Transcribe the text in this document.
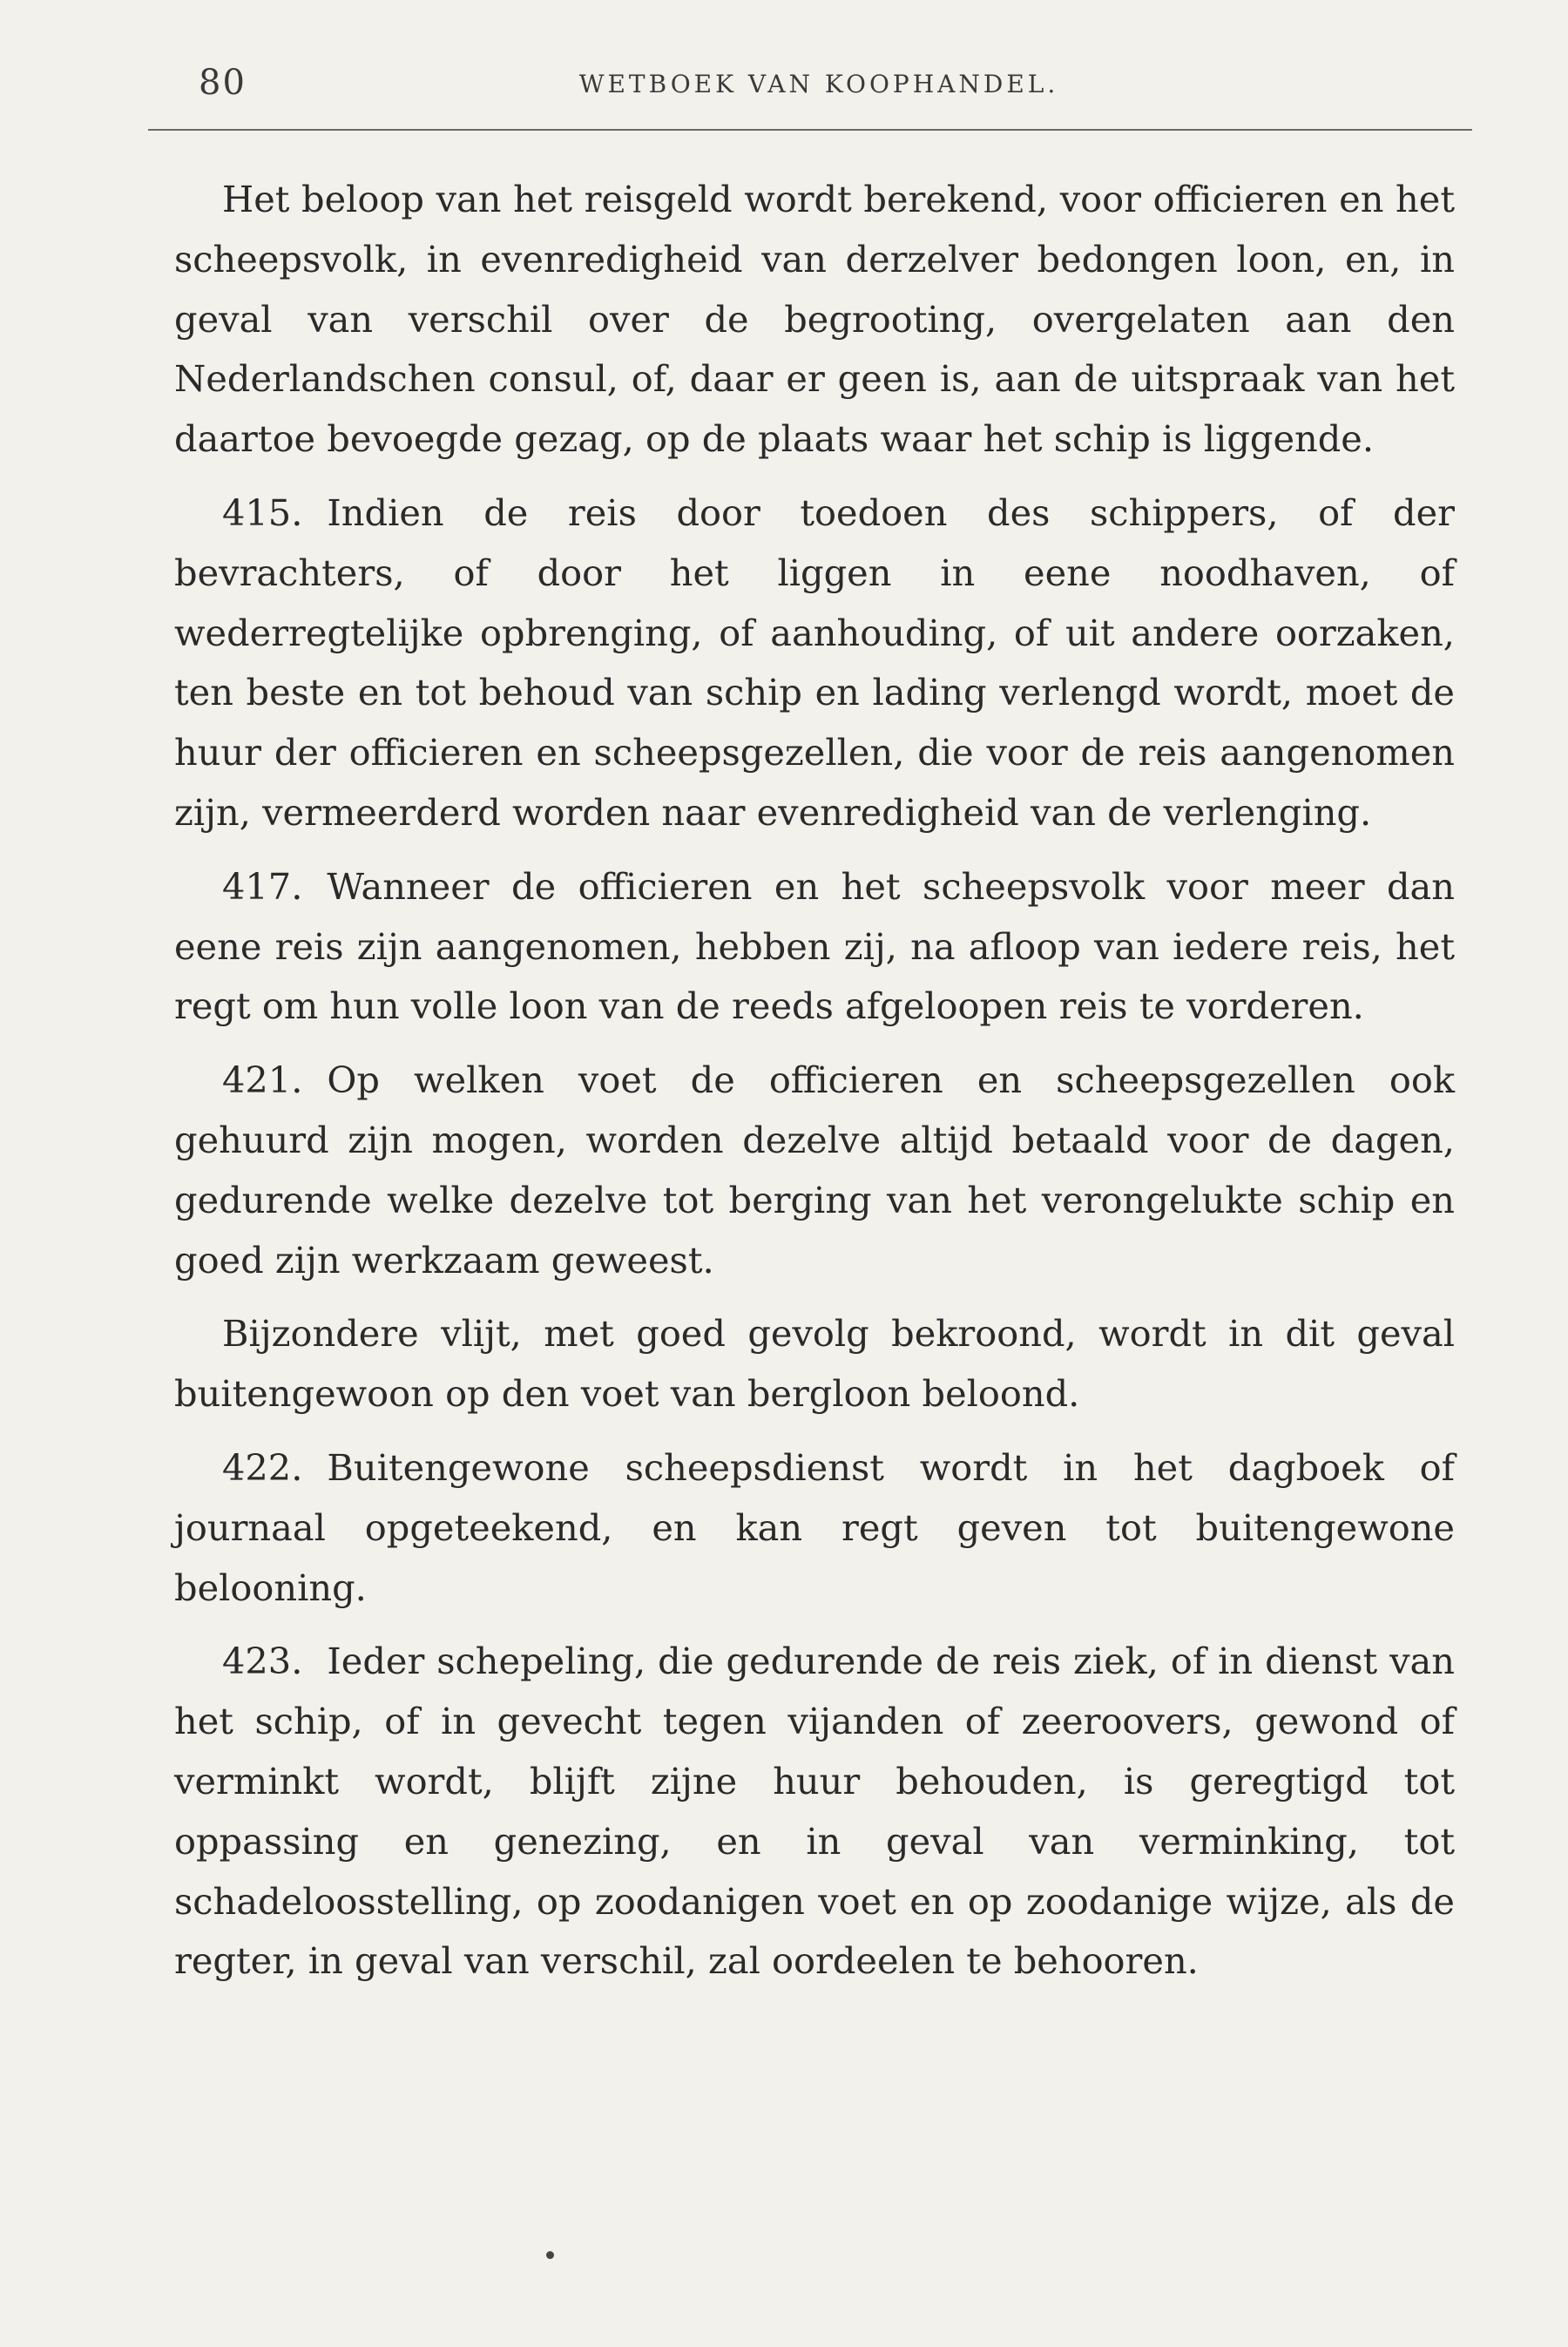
80	WETBOEK VAN KOOPHANDEL.

Het beloop van het reisgeld wordt berekend, voor officieren en het scheepsvolk, in evenredigheid van derzelver bedongen loon, en, in geval van verschil over de begrooting, overgelaten aan den Nederlandschen consul, of, daar er geen is, aan de uitspraak van het daartoe bevoegde gezag, op de plaats waar het schip is liggende.

415. Indien de reis door toedoen des schippers, of der bevrachters, of door het liggen in eene noodhaven, of wederregtelijke opbrenging, of aanhouding, of uit andere oorzaken, ten beste en tot behoud van schip en lading verlengd wordt, moet de huur der officieren en scheepsgezellen, die voor de reis aangenomen zijn, vermeerderd worden naar evenredigheid van de verlenging.

417. Wanneer de officieren en het scheepsvolk voor meer dan eene reis zijn aangenomen, hebben zij, na afloop van iedere reis, het regt om hun volle loon van de reeds afgeloopen reis te vorderen.

421. Op welken voet de officieren en scheepsgezellen ook gehuurd zijn mogen, worden dezelve altijd betaald voor de dagen, gedurende welke dezelve tot berging van het verongelukte schip en goed zijn werkzaam geweest.

Bijzondere vlijt, met goed gevolg bekroond, wordt in dit geval buitengewoon op den voet van bergloon beloond.

422. Buitengewone scheepsdienst wordt in het dagboek of journaal opgeteekend, en kan regt geven tot buitengewone belooning.

423. Ieder schepeling, die gedurende de reis ziek, of in dienst van het schip, of in gevecht tegen vijanden of zeeroovers, gewond of verminkt wordt, blijft zijne huur behouden, is geregtigd tot oppassing en genezing, en in geval van verminking, tot schadeloosstelling, op zoodanigen voet en op zoodanige wijze, als de regter, in geval van verschil, zal oordeelen te behooren.
